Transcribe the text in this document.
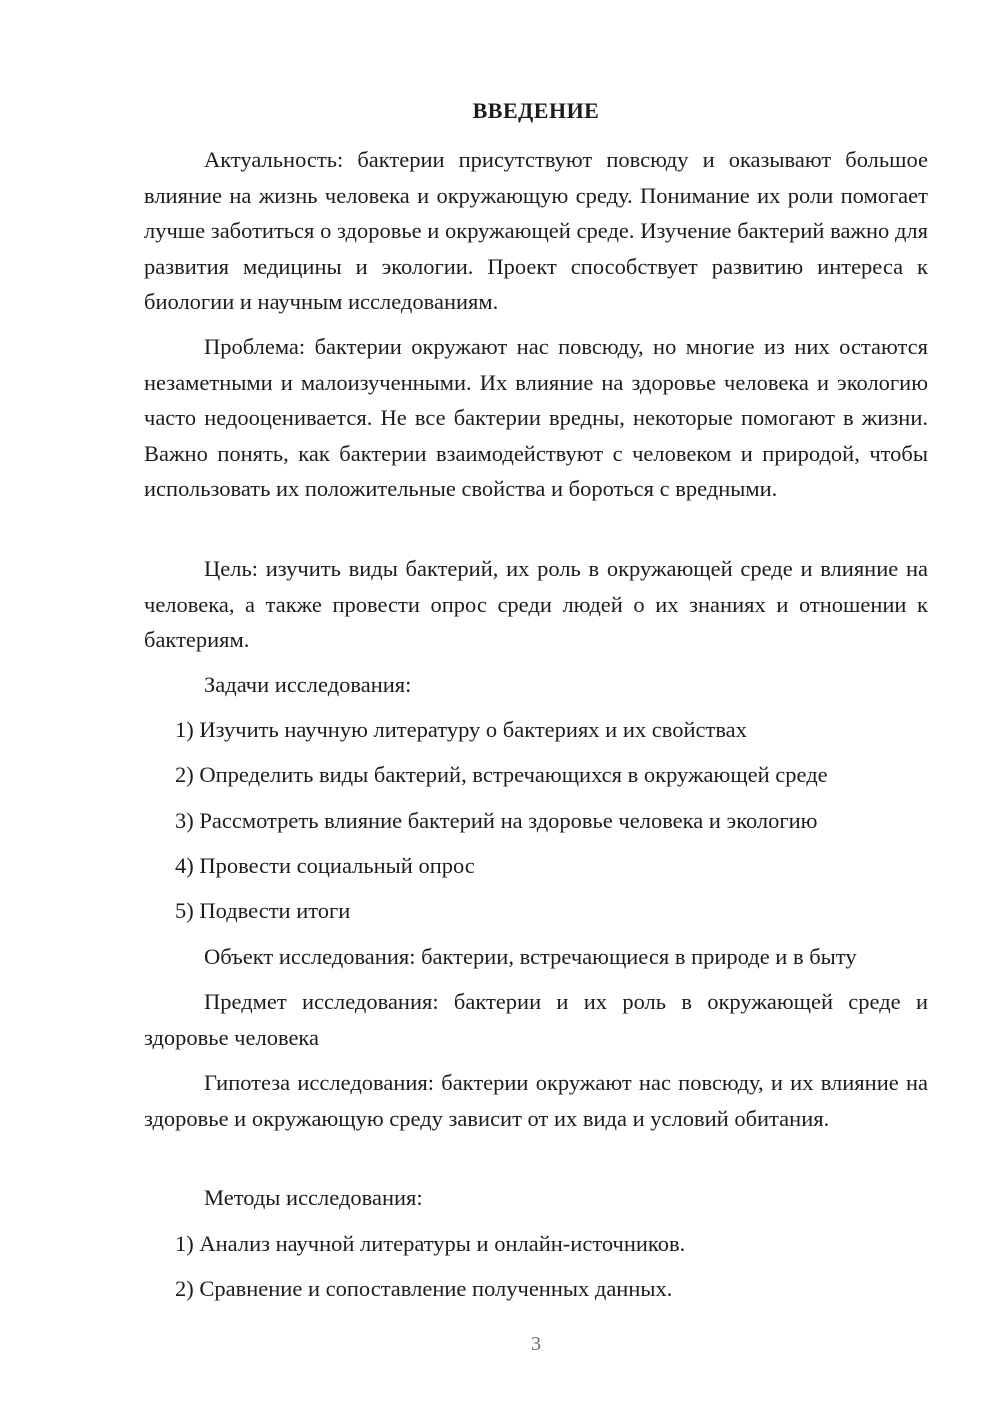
ВВЕДЕНИЕ

Актуальность: бактерии присутствуют повсюду и оказывают большое влияние на жизнь человека и окружающую среду. Понимание их роли помогает лучше заботиться о здоровье и окружающей среде. Изучение бактерий важно для развития медицины и экологии. Проект способствует развитию интереса к биологии и научным исследованиям.

Проблема: бактерии окружают нас повсюду, но многие из них остаются незаметными и малоизученными. Их влияние на здоровье человека и экологию часто недооценивается. Не все бактерии вредны, некоторые помогают в жизни. Важно понять, как бактерии взаимодействуют с человеком и природой, чтобы использовать их положительные свойства и бороться с вредными.

Цель: изучить виды бактерий, их роль в окружающей среде и влияние на человека, а также провести опрос среди людей о их знаниях и отношении к бактериям.

Задачи исследования:

1) Изучить научную литературу о бактериях и их свойствах
2) Определить виды бактерий, встречающихся в окружающей среде
3) Рассмотреть влияние бактерий на здоровье человека и экологию
4) Провести социальный опрос
5) Подвести итоги

Объект исследования: бактерии, встречающиеся в природе и в быту

Предмет исследования: бактерии и их роль в окружающей среде и здоровье человека

Гипотеза исследования: бактерии окружают нас повсюду, и их влияние на здоровье и окружающую среду зависит от их вида и условий обитания.

Методы исследования:

1) Анализ научной литературы и онлайн-источников.
2) Сравнение и сопоставление полученных данных.
3
